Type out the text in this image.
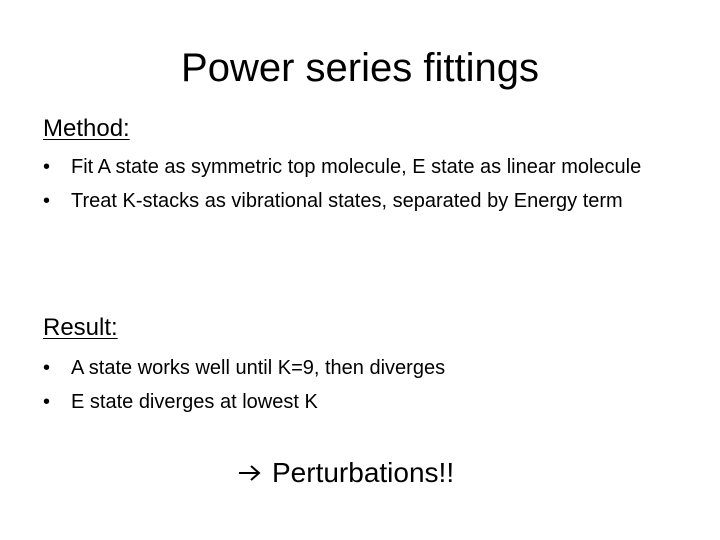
Power series fittings
Method:
•	Fit A state as symmetric top molecule, E state as linear molecule
•	Treat K-stacks as vibrational states, separated by Energy term
Result:
•	A state works well until K=9, then diverges
•	E state diverges at lowest K
Perturbations!!
